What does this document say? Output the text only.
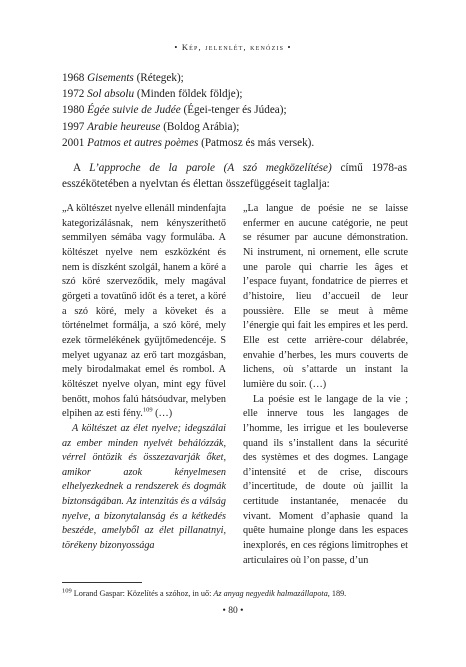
• Kép, jelenlét, kenózis •
1968 Gisements (Rétegek);
1972 Sol absolu (Minden földek földje);
1980 Égée suivie de Judée (Égei-tenger és Júdea);
1997 Arabie heureuse (Boldog Arábia);
2001 Patmos et autres poèmes (Patmosz és más versek).
A L’approche de la parole (A szó megközelítése) című 1978-as esszékötetében a nyelvtan és élettan összefüggéseit taglalja:

„A költészet nyelve ellenáll mindenfajta kategorizálásnak, nem kényszeríthető semmilyen sémába vagy formulába. A költészet nyelve nem eszközként és nem is díszként szolgál, hanem a köré a szó köré szerveződik, mely magával görgeti a tovatűnő időt és a teret, a köré a szó köré, mely a köveket és a történelmet formálja, a szó köré, mely ezek törmelékének gyűjtőmedencéje. S melyet ugyanaz az erő tart mozgásban, mely birodalmakat emel és rombol. A költészet nyelve olyan, mint egy fűvel benőtt, mohos falú hátsóudvar, melyben elpihen az esti fény.$^{109}$ (…)

A költészet az élet nyelve; idegszálai az ember minden nyelvét behálózzák, vérrel öntözik és összezavarják őket, amikor azok kényelmesen elhelyezkednek a rendszerek és dogmák biztonságában. Az intenzitás és a válság nyelve, a bizonytalanság és a kétkedés beszéde, amelyből az élet pillanatnyi, törékeny bizonyossága

„La langue de poésie ne se laisse enfermer en aucune catégorie, ne peut se résumer par aucune démonstration. Ni instrument, ni ornement, elle scrute une parole qui charrie les âges et l’espace fuyant, fondatrice de pierres et d’histoire, lieu d’accueil de leur poussière. Elle se meut à même l’énergie qui fait les empires et les perd. Elle est cette arrière-cour délabrée, envahie d’herbes, les murs couverts de lichens, où s’attarde un instant la lumière du soir. (…)

La poésie est le langage de la vie ; elle innerve tous les langages de l’homme, les irrigue et les bouleverse quand ils s’installent dans la sécurité des systèmes et des dogmes. Langage d’intensité et de crise, discours d’incertitude, de doute où jaillit la certitude instantanée, menacée du vivant. Moment d’aphasie quand la quête humaine plonge dans les espaces inexplorés, en ces régions limitrophes et articulaires où l’on passe, d’un

$^{109}$ Lorand Gaspar: Közelítés a szóhoz, in uő: Az anyag negyedik halmazállapota, 189.
• 80 •
